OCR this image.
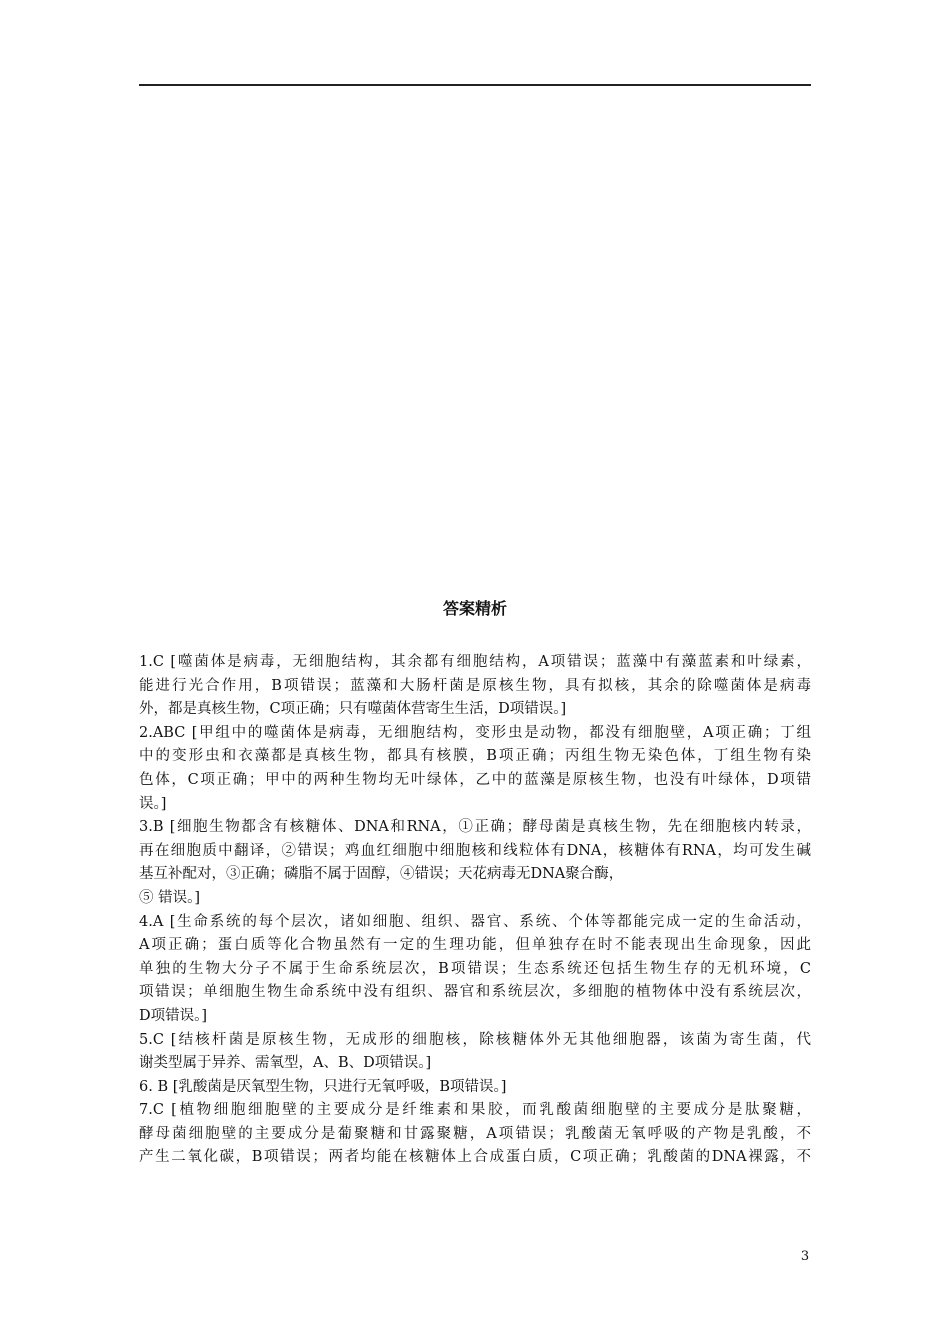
答案精析
1.C [噬菌体是病毒，无细胞结构，其余都有细胞结构，A项错误；蓝藻中有藻蓝素和叶绿素，
能进行光合作用，B项错误；蓝藻和大肠杆菌是原核生物，具有拟核，其余的除噬菌体是病毒
外，都是真核生物，C项正确；只有噬菌体营寄生生活，D项错误。]
2.ABC [甲组中的噬菌体是病毒，无细胞结构，变形虫是动物，都没有细胞壁，A项正确；丁组
中的变形虫和衣藻都是真核生物，都具有核膜，B项正确；丙组生物无染色体，丁组生物有染
色体，C项正确；甲中的两种生物均无叶绿体，乙中的蓝藻是原核生物，也没有叶绿体，D项错
误。]
3.B [细胞生物都含有核糖体、DNA和RNA，①正确；酵母菌是真核生物，先在细胞核内转录，
再在细胞质中翻译，②错误；鸡血红细胞中细胞核和线粒体有DNA，核糖体有RNA，均可发生碱
基互补配对，③正确；磷脂不属于固醇，④错误；天花病毒无DNA聚合酶，
⑤ 错误。]
4.A [生命系统的每个层次，诸如细胞、组织、器官、系统、个体等都能完成一定的生命活动，
A项正确；蛋白质等化合物虽然有一定的生理功能，但单独存在时不能表现出生命现象，因此
单独的生物大分子不属于生命系统层次，B项错误；生态系统还包括生物生存的无机环境，C
项错误；单细胞生物生命系统中没有组织、器官和系统层次，多细胞的植物体中没有系统层次，
D项错误。]
5.C [结核杆菌是原核生物，无成形的细胞核，除核糖体外无其他细胞器，该菌为寄生菌，代
谢类型属于异养、需氧型，A、B、D项错误。]
6. B [乳酸菌是厌氧型生物，只进行无氧呼吸，B项错误。]
7.C [植物细胞细胞壁的主要成分是纤维素和果胶，而乳酸菌细胞壁的主要成分是肽聚糖，
酵母菌细胞壁的主要成分是葡聚糖和甘露聚糖，A项错误；乳酸菌无氧呼吸的产物是乳酸，不
产生二氧化碳，B项错误；两者均能在核糖体上合成蛋白质，C项正确；乳酸菌的DNA裸露，不
3
